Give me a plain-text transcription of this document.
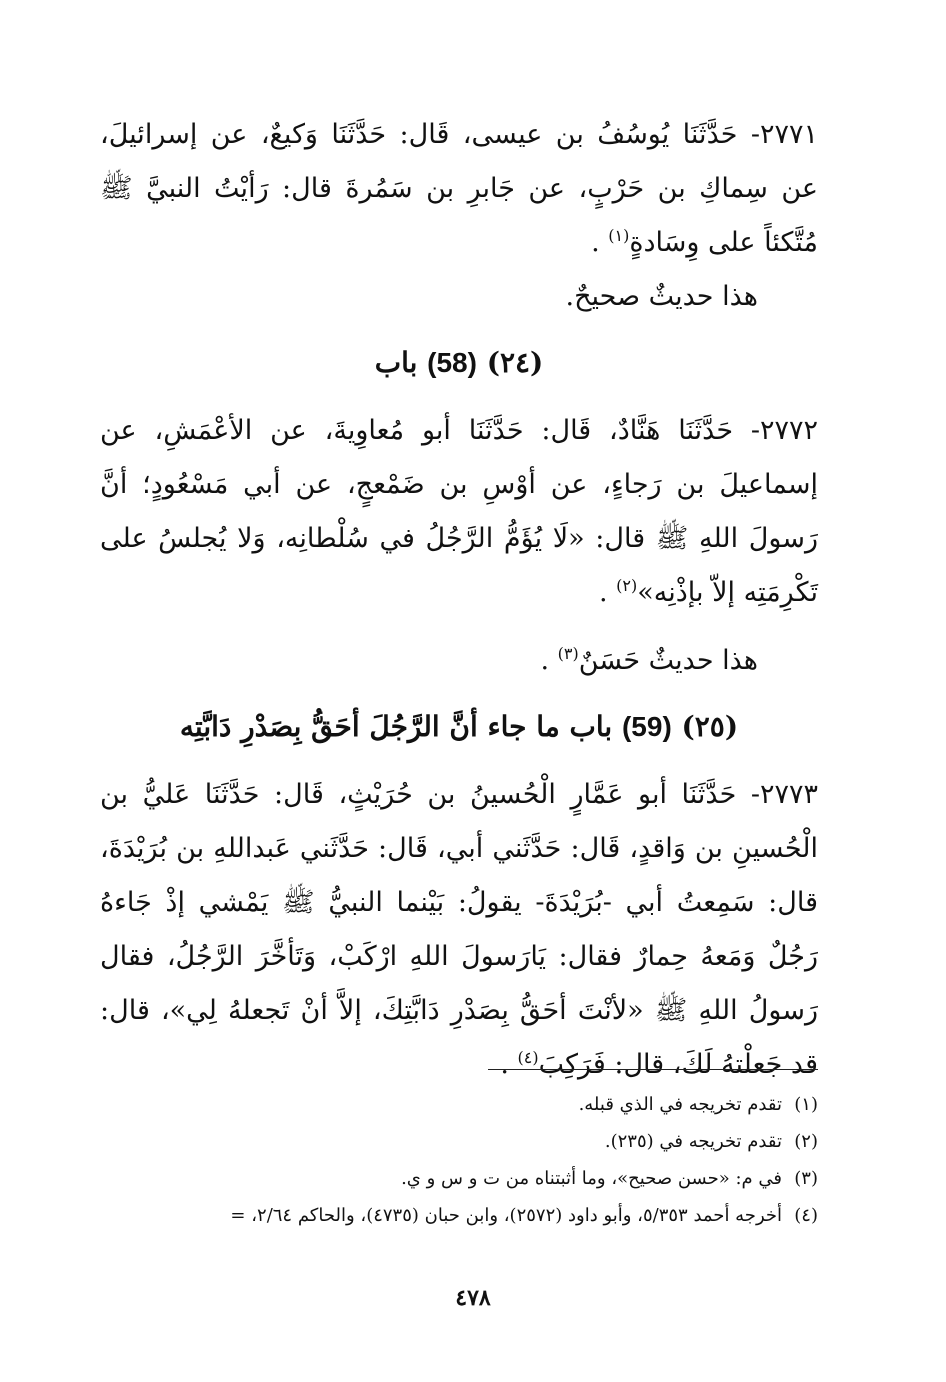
٢٧٧١- حَدَّثَنَا يُوسُفُ بن عيسى، قَال: حَدَّثَنَا وَكيعٌ، عن إسرائيلَ، عن سِماكِ بن حَرْبٍ، عن جَابرِ بن سَمُرةَ قال: رَأيْتُ النبيَّ ﷺ مُتَّكئاً على وِسَادةٍ$^{(١)}$ .

هذا حديثٌ صحيحٌ.

(٢٤) (58) باب

٢٧٧٢- حَدَّثَنَا هَنَّادٌ، قَال: حَدَّثَنَا أبو مُعاوِيةَ، عن الأعْمَشِ، عن إسماعيلَ بن رَجاءٍ، عن أوْسِ بن ضَمْعجٍ، عن أبي مَسْعُودٍ؛ أنَّ رَسولَ اللهِ ﷺ قال: «لَا يُؤَمُّ الرَّجُلُ في سُلْطانِه، وَلا يُجلسُ على تَكْرِمَتِه إلاّ بإذْنِه»$^{(٢)}$ .

هذا حديثٌ حَسَنٌ$^{(٣)}$ .

(٢٥) (59) باب ما جاء أنَّ الرَّجُلَ أحَقُّ بِصَدْرِ دَابَّتِه

٢٧٧٣- حَدَّثَنَا أبو عَمَّارٍ الْحُسينُ بن حُرَيْثٍ، قَال: حَدَّثَنَا عَليُّ بن الْحُسينِ بن وَاقدٍ، قَال: حَدَّثَني أبي، قَال: حَدَّثَني عَبداللهِ بن بُرَيْدَةَ، قال: سَمِعتُ أبي -بُرَيْدَةَ- يقولُ: بَيْنما النبيُّ ﷺ يَمْشي إذْ جَاءهُ رَجُلٌ وَمَعهُ حِمارٌ فقال: يَارَسولَ اللهِ ارْكَبْ، وَتَأخَّرَ الرَّجُلُ، فقال رَسولُ اللهِ ﷺ «لأنْتَ أحَقُّ بِصَدْرِ دَابَّتِكَ، إلاَّ أنْ تَجعلهُ لِي»، قال: قد جَعلْتهُ لَكَ، قال: فَرَكِبَ$^{(٤)}$ .

(١)تقدم تخريجه في الذي قبله.

(٢)تقدم تخريجه في (٢٣٥).

(٣)في م: «حسن صحيح»، وما أثبتناه من ت و س و ي.

(٤)أخرجه أحمد ٥/٣٥٣، وأبو داود (٢٥٧٢)، وابن حبان (٤٧٣٥)، والحاكم ٢/٦٤، =

٤٧٨
